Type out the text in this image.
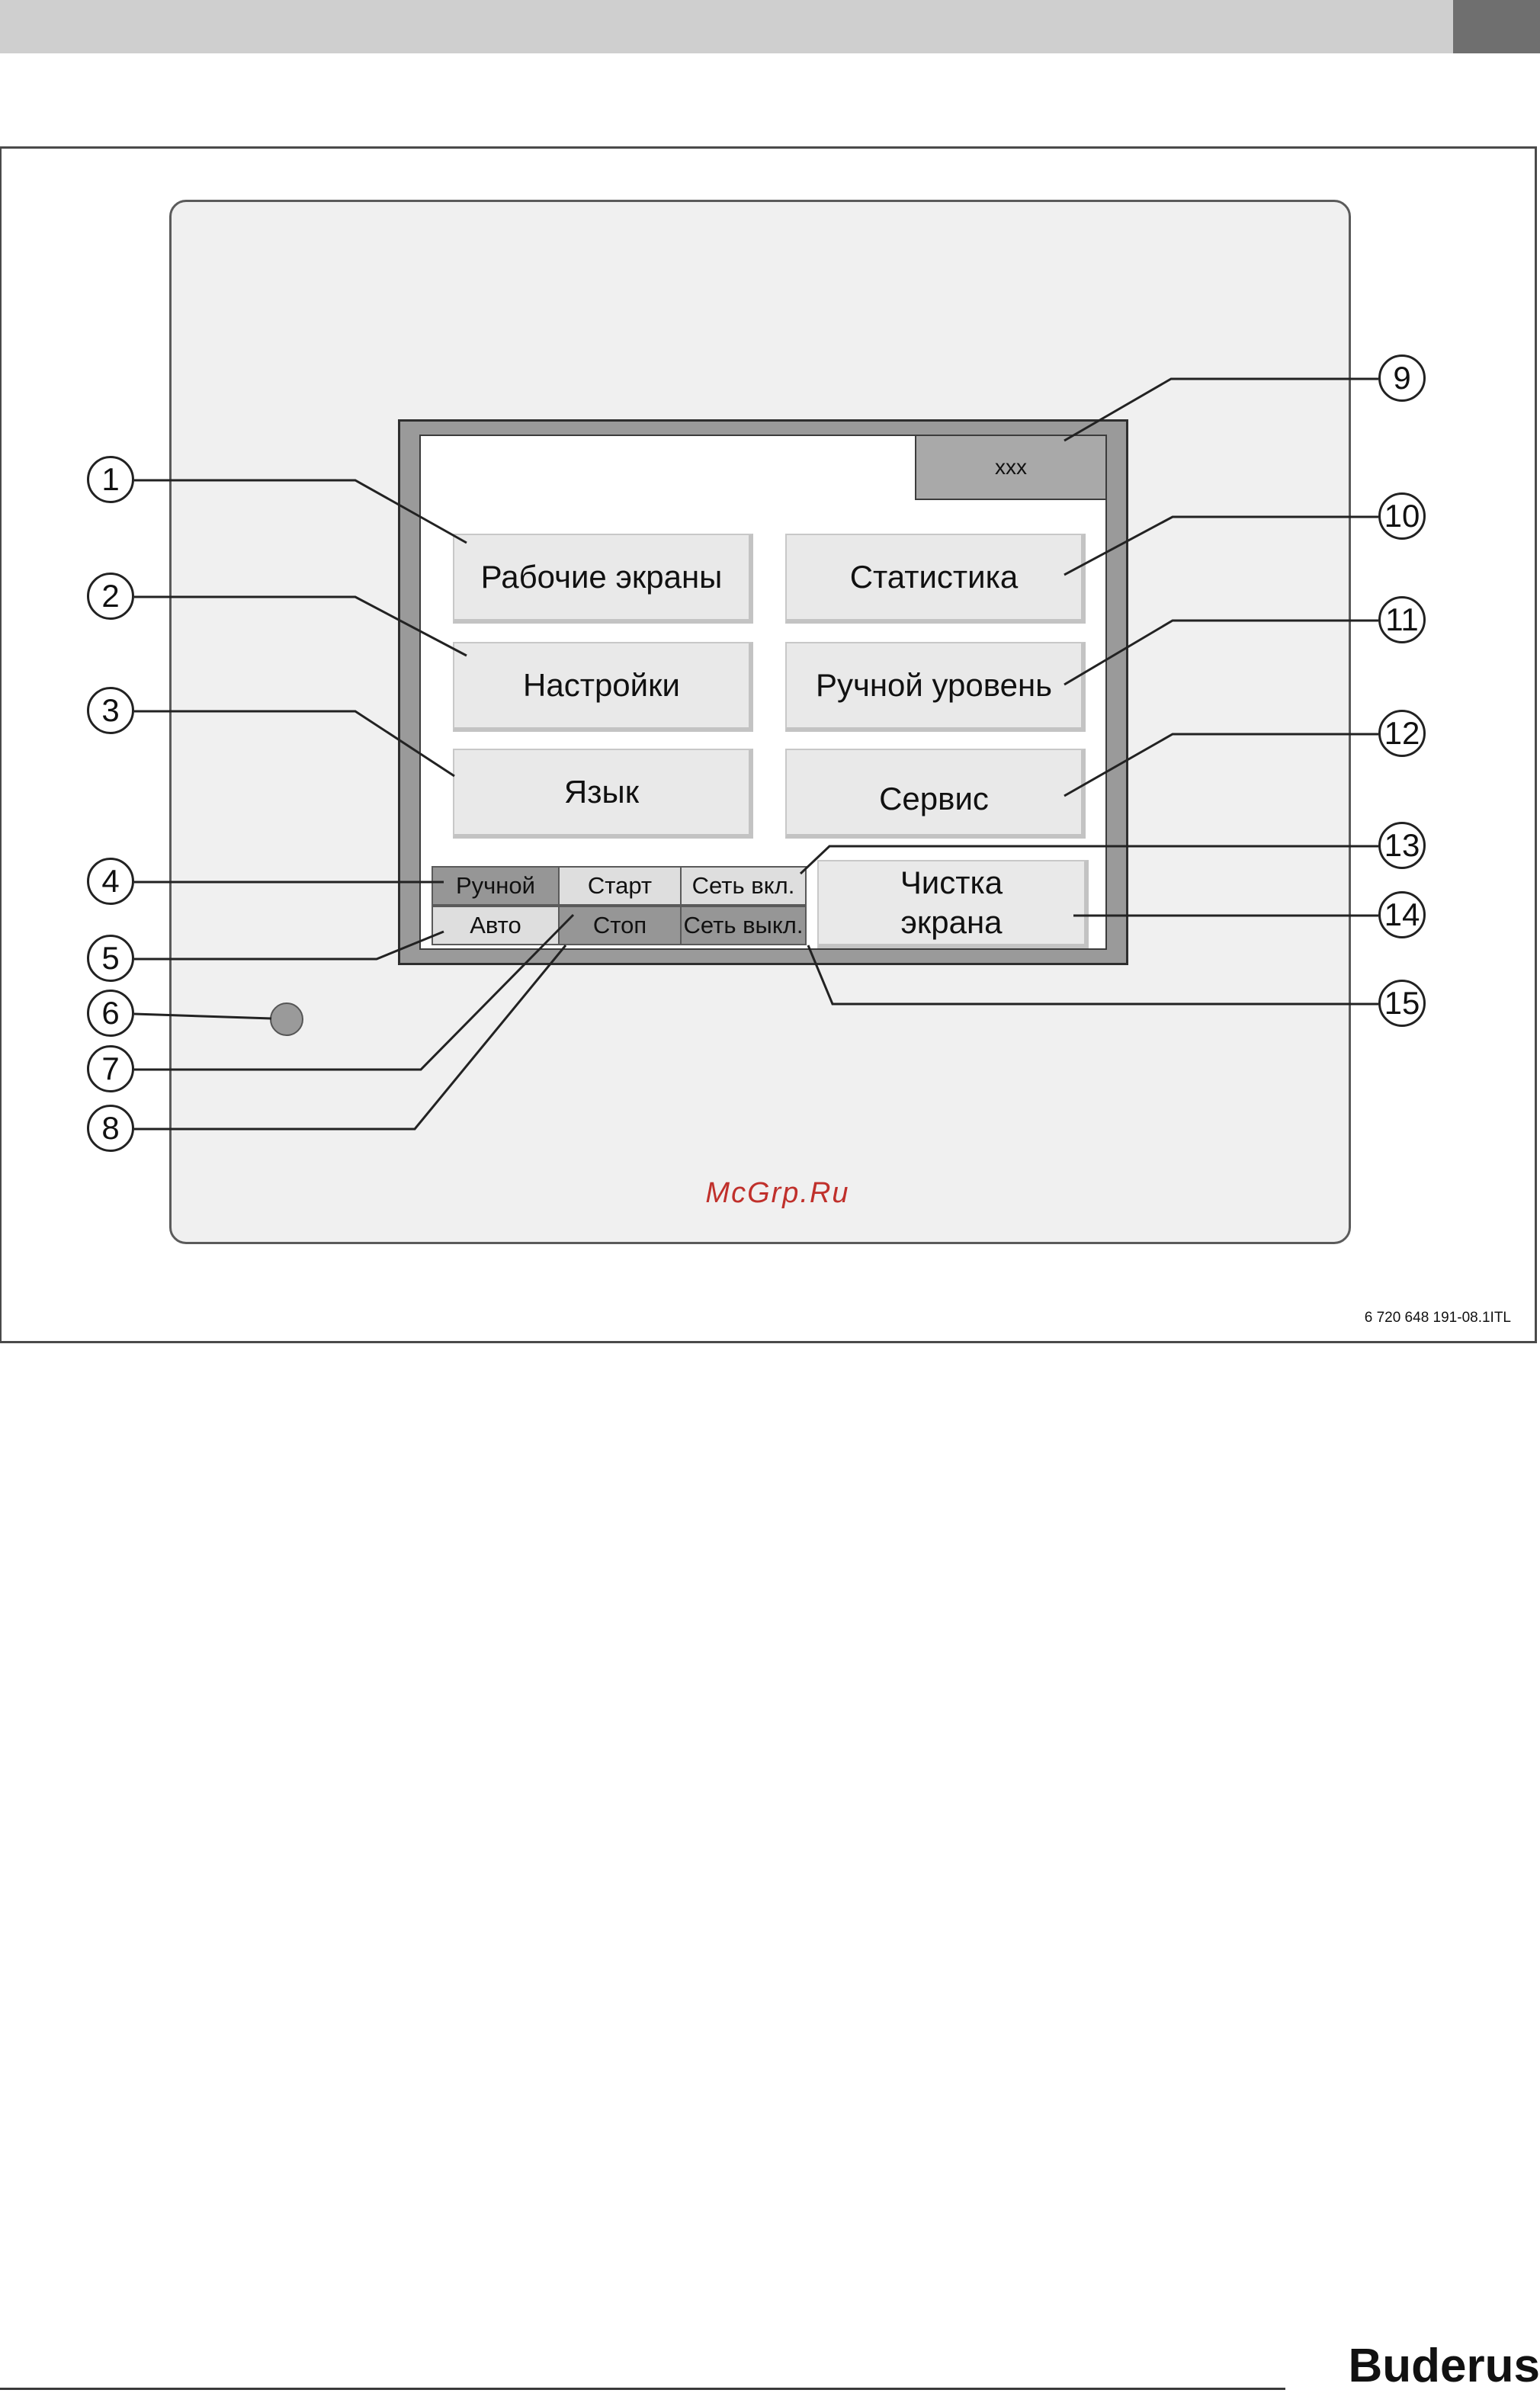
xxx
Рабочие экраны
Настройки
Язык
Статистика
Ручной уровень
Сервис
Чистка
экрана
Ручной
Авто
Старт
Стоп
Сеть вкл.
Сеть выкл.
1
2
3
4
5
6
7
8
9
10
11
12
13
14
15
McGrp.Ru
6 720 648 191-08.1ITL
Buderus
